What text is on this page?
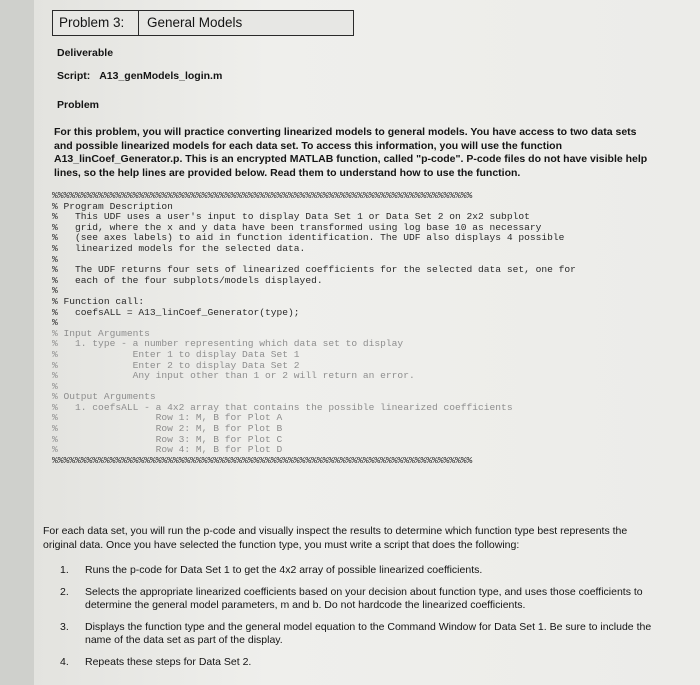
Problem 3: General Models
Deliverable
Script: A13_genModels_login.m
Problem
For this problem, you will practice converting linearized models to general models. You have access to two data sets and possible linearized models for each data set. To access this information, you will use the function A13_linCoef_Generator.p. This is an encrypted MATLAB function, called "p-code". P-code files do not have visible help lines, so the help lines are provided below. Read them to understand how to use the function.
%%%%%%%%%%%%%%%%%%%%%%%%%%%%%%%%%%%%%%%%%%%%%%%%%%%%%%%%%%%%%%%%%%%%%%%%%
% Program Description
%   This UDF uses a user's input to display Data Set 1 or Data Set 2 on 2x2 subplot
%   grid, where the x and y data have been transformed using log base 10 as necessary
%   (see axes labels) to aid in function identification. The UDF also displays 4 possible
%   linearized models for the selected data.
%
%   The UDF returns four sets of linearized coefficients for the selected data set, one for
%   each of the four subplots/models displayed.
%
% Function call:
%   coefsALL = A13_linCoef_Generator(type);
%
% Input Arguments
%   1. type - a number representing which data set to display
%             Enter 1 to display Data Set 1
%             Enter 2 to display Data Set 2
%             Any input other than 1 or 2 will return an error.
%
% Output Arguments
%   1. coefsALL - a 4x2 array that contains the possible linearized coefficients
%                 Row 1: M, B for Plot A
%                 Row 2: M, B for Plot B
%                 Row 3: M, B for Plot C
%                 Row 4: M, B for Plot D
%%%%%%%%%%%%%%%%%%%%%%%%%%%%%%%%%%%%%%%%%%%%%%%%%%%%%%%%%%%%%%%%%%%%%%%%%
For each data set, you will run the p-code and visually inspect the results to determine which function type best represents the original data. Once you have selected the function type, you must write a script that does the following:
1. Runs the p-code for Data Set 1 to get the 4x2 array of possible linearized coefficients.
2. Selects the appropriate linearized coefficients based on your decision about function type, and uses those coefficients to determine the general model parameters, m and b. Do not hardcode the linearized coefficients.
3. Displays the function type and the general model equation to the Command Window for Data Set 1. Be sure to include the name of the data set as part of the display.
4. Repeats these steps for Data Set 2.
